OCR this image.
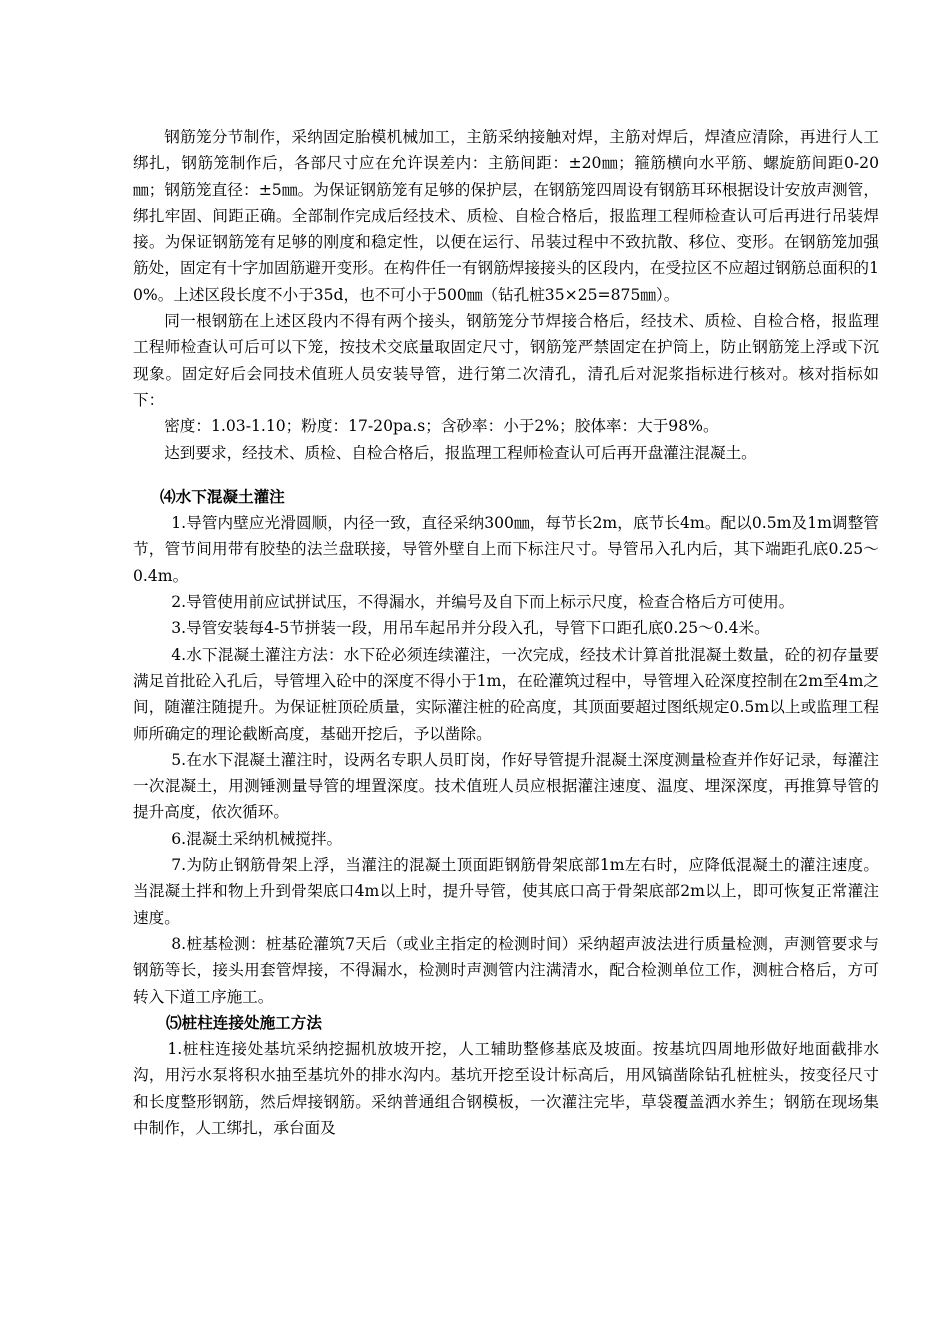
钢筋笼分节制作，采纳固定胎模机械加工，主筋采纳接触对焊，主筋对焊后，焊渣应清除，再进行人工绑扎，钢筋笼制作后，各部尺寸应在允许误差内：主筋间距：±20㎜；箍筋横向水平筋、螺旋筋间距0-20㎜；钢筋笼直径：±5㎜。为保证钢筋笼有足够的保护层，在钢筋笼四周设有钢筋耳环根据设计安放声测管，绑扎牢固、间距正确。全部制作完成后经技术、质检、自检合格后，报监理工程师检查认可后再进行吊装焊接。为保证钢筋笼有足够的刚度和稳定性，以便在运行、吊装过程中不致抗散、移位、变形。在钢筋笼加强筋处，固定有十字加固筋避开变形。在构件任一有钢筋焊接接头的区段内，在受拉区不应超过钢筋总面积的10%。上述区段长度不小于35d，也不可小于500㎜（钻孔桩35×25=875㎜）。

同一根钢筋在上述区段内不得有两个接头，钢筋笼分节焊接合格后，经技术、质检、自检合格，报监理工程师检查认可后可以下笼，按技术交底量取固定尺寸，钢筋笼严禁固定在护筒上，防止钢筋笼上浮或下沉现象。固定好后会同技术值班人员安装导管，进行第二次清孔，清孔后对泥浆指标进行核对。核对指标如下：

密度：1.03-1.10；粉度：17-20pa.s；含砂率：小于2%；胶体率：大于98%。

达到要求，经技术、质检、自检合格后，报监理工程师检查认可后再开盘灌注混凝土。

⑷水下混凝土灌注

1.导管内壁应光滑圆顺，内径一致，直径采纳300㎜，每节长2m，底节长4m。配以0.5m及1m调整管节，管节间用带有胶垫的法兰盘联接，导管外壁自上而下标注尺寸。导管吊入孔内后，其下端距孔底0.25～0.4m。

2.导管使用前应试拼试压，不得漏水，并编号及自下而上标示尺度，检查合格后方可使用。

3.导管安装每4-5节拼装一段，用吊车起吊并分段入孔，导管下口距孔底0.25～0.4米。

4.水下混凝土灌注方法：水下砼必须连续灌注，一次完成，经技术计算首批混凝土数量，砼的初存量要满足首批砼入孔后，导管埋入砼中的深度不得小于1m，在砼灌筑过程中，导管埋入砼深度控制在2m至4m之间，随灌注随提升。为保证桩顶砼质量，实际灌注桩的砼高度，其顶面要超过图纸规定0.5m以上或监理工程师所确定的理论截断高度，基础开挖后，予以凿除。

5.在水下混凝土灌注时，设两名专职人员盯岗，作好导管提升混凝土深度测量检查并作好记录，每灌注一次混凝土，用测锤测量导管的埋置深度。技术值班人员应根据灌注速度、温度、埋深深度，再推算导管的提升高度，依次循环。

6.混凝土采纳机械搅拌。

7.为防止钢筋骨架上浮，当灌注的混凝土顶面距钢筋骨架底部1m左右时，应降低混凝土的灌注速度。当混凝土拌和物上升到骨架底口4m以上时，提升导管，使其底口高于骨架底部2m以上，即可恢复正常灌注速度。

8.桩基检测：桩基砼灌筑7天后（或业主指定的检测时间）采纳超声波法进行质量检测，声测管要求与钢筋等长，接头用套管焊接，不得漏水，检测时声测管内注满清水，配合检测单位工作，测桩合格后，方可转入下道工序施工。

⑸桩柱连接处施工方法

1.桩柱连接处基坑采纳挖掘机放坡开挖，人工辅助整修基底及坡面。按基坑四周地形做好地面截排水沟，用污水泵将积水抽至基坑外的排水沟内。基坑开挖至设计标高后，用风镐凿除钻孔桩桩头，按变径尺寸和长度整形钢筋，然后焊接钢筋。采纳普通组合钢模板，一次灌注完毕，草袋覆盖洒水养生；钢筋在现场集中制作，人工绑扎，承台面及
